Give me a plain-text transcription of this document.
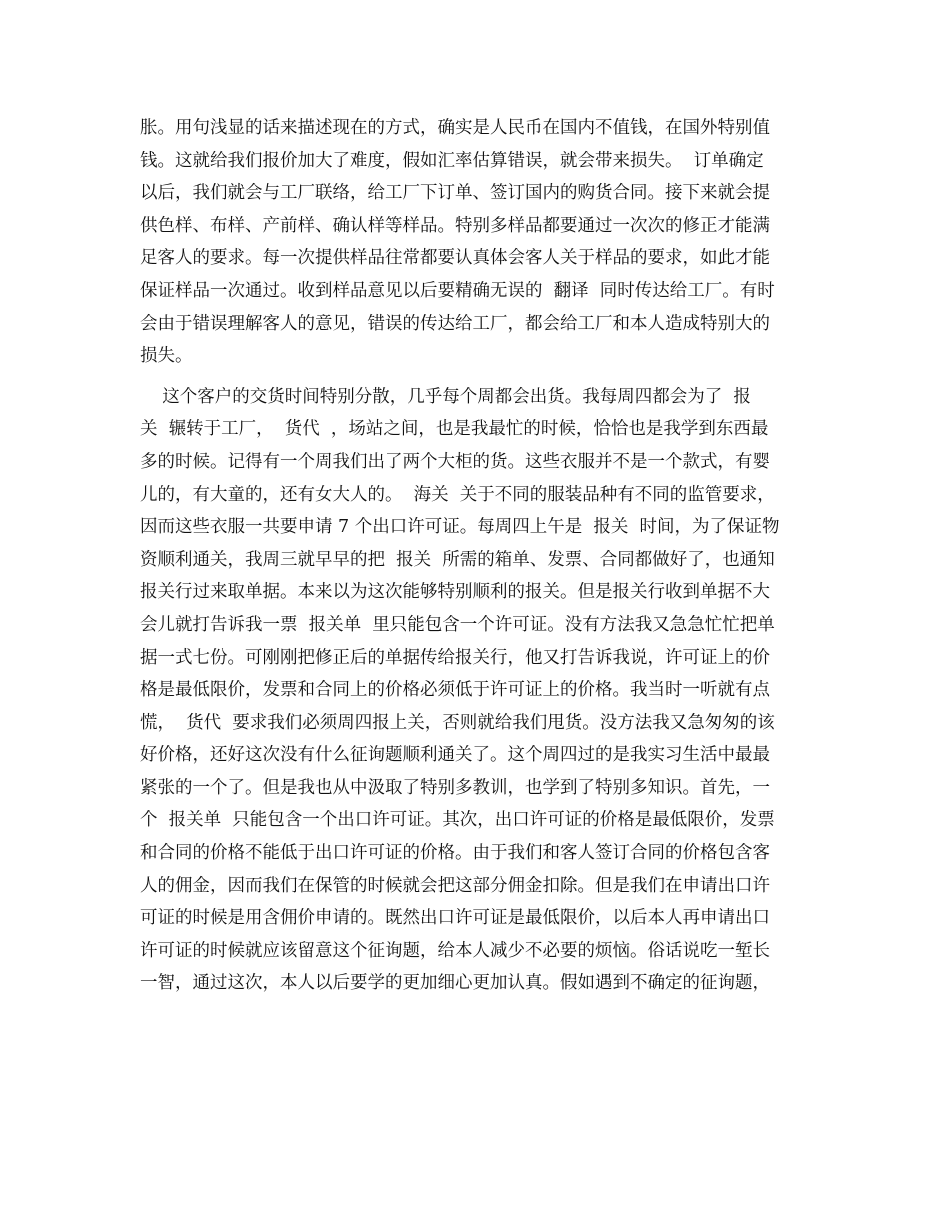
胀。用句浅显的话来描述现在的方式，确实是人民币在国内不值钱，在国外特别值
钱。这就给我们报价加大了难度，假如汇率估算错误，就会带来损失。  订单确定
以后，我们就会与工厂联络，给工厂下订单、签订国内的购货合同。接下来就会提
供色样、布样、产前样、确认样等样品。特别多样品都要通过一次次的修正才能满
足客人的要求。每一次提供样品往常都要认真体会客人关于样品的要求，如此才能
保证样品一次通过。收到样品意见以后要精确无误的  翻译  同时传达给工厂。有时
会由于错误理解客人的意见，错误的传达给工厂，都会给工厂和本人造成特别大的
损失。
这个客户的交货时间特别分散，几乎每个周都会出货。我每周四都会为了  报
关  辗转于工厂，  货代  ，场站之间，也是我最忙的时候，恰恰也是我学到东西最
多的时候。记得有一个周我们出了两个大柜的货。这些衣服并不是一个款式，有婴
儿的，有大童的，还有女大人的。  海关  关于不同的服装品种有不同的监管要求，
因而这些衣服一共要申请 7 个出口许可证。每周四上午是  报关  时间，为了保证物
资顺利通关，我周三就早早的把  报关  所需的箱单、发票、合同都做好了，也通知
报关行过来取单据。本来以为这次能够特别顺利的报关。但是报关行收到单据不大
会儿就打告诉我一票  报关单  里只能包含一个许可证。没有方法我又急急忙忙把单
据一式七份。可刚刚把修正后的单据传给报关行，他又打告诉我说，许可证上的价
格是最低限价，发票和合同上的价格必须低于许可证上的价格。我当时一听就有点
慌，  货代  要求我们必须周四报上关，否则就给我们甩货。没方法我又急匆匆的该
好价格，还好这次没有什么征询题顺利通关了。这个周四过的是我实习生活中最最
紧张的一个了。但是我也从中汲取了特别多教训，也学到了特别多知识。首先，一
个  报关单  只能包含一个出口许可证。其次，出口许可证的价格是最低限价，发票
和合同的价格不能低于出口许可证的价格。由于我们和客人签订合同的价格包含客
人的佣金，因而我们在保管的时候就会把这部分佣金扣除。但是我们在申请出口许
可证的时候是用含佣价申请的。既然出口许可证是最低限价，以后本人再申请出口
许可证的时候就应该留意这个征询题，给本人减少不必要的烦恼。俗话说吃一堑长
一智，通过这次，本人以后要学的更加细心更加认真。假如遇到不确定的征询题，
